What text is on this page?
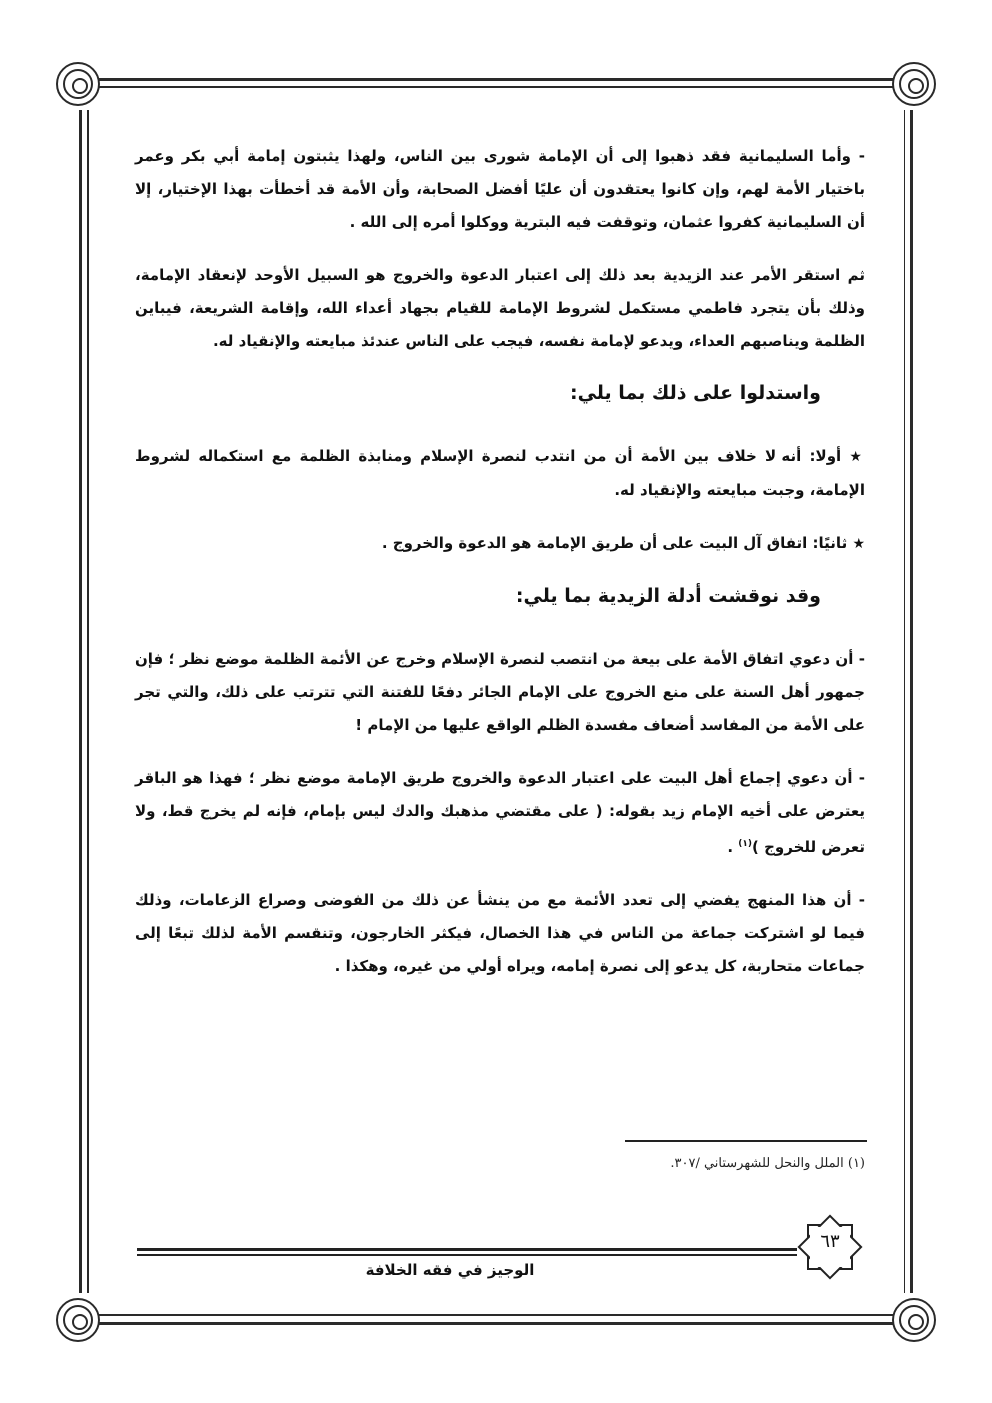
- وأما السليمانية فقد ذهبوا إلى أن الإمامة شورى بين الناس، ولهذا يثبتون إمامة أبي بكر وعمر باختيار الأمة لهم، وإن كانوا يعتقدون أن عليًا أفضل الصحابة، وأن الأمة قد أخطأت بهذا الإختيار، إلا أن السليمانية كفروا عثمان، وتوقفت فيه البترية ووكلوا أمره إلى الله .

ثم استقر الأمر عند الزيدية بعد ذلك إلى اعتبار الدعوة والخروج هو السبيل الأوحد لإنعقاد الإمامة، وذلك بأن يتجرد فاطمي مستكمل لشروط الإمامة للقيام بجهاد أعداء الله، وإقامة الشريعة، فيباين الظلمة ويناصبهم العداء، ويدعو لإمامة نفسه، فيجب على الناس عندئذ مبايعته والإنقياد له.

واستدلوا على ذلك بما يلي:

★ أولا: أنه لا خلاف بين الأمة أن من انتدب لنصرة الإسلام ومنابذة الظلمة مع استكماله لشروط الإمامة، وجبت مبايعته والإنقياد له.

★ ثانيًا: اتفاق آل البيت على أن طريق الإمامة هو الدعوة والخروج .

وقد نوقشت أدلة الزيدية بما يلي:

- أن دعوي اتفاق الأمة على بيعة من انتصب لنصرة الإسلام وخرج عن الأئمة الظلمة موضع نظر ؛ فإن جمهور أهل السنة على منع الخروج على الإمام الجائر دفعًا للفتنة التي تترتب على ذلك، والتي تجر على الأمة من المفاسد أضعاف مفسدة الظلم الواقع عليها من الإمام !

- أن دعوي إجماع أهل البيت على اعتبار الدعوة والخروج طريق الإمامة موضع نظر ؛ فهذا هو الباقر يعترض على أخيه الإمام زيد بقوله: ( على مقتضي مذهبك والدك ليس بإمام، فإنه لم يخرج قط، ولا تعرض للخروج )$^{(١)}$ .

- أن هذا المنهج يفضي إلى تعدد الأئمة مع من ينشأ عن ذلك من الفوضى وصراع الزعامات، وذلك فيما لو اشتركت جماعة من الناس في هذا الخصال، فيكثر الخارجون، وتنقسم الأمة لذلك تبعًا إلى جماعات متحاربة، كل يدعو إلى نصرة إمامه، ويراه أولي من غيره، وهكذا .

(١) الملل والنحل للشهرستاني /٣٠٧.
الوجيز في فقه الخلافة
٦٣
